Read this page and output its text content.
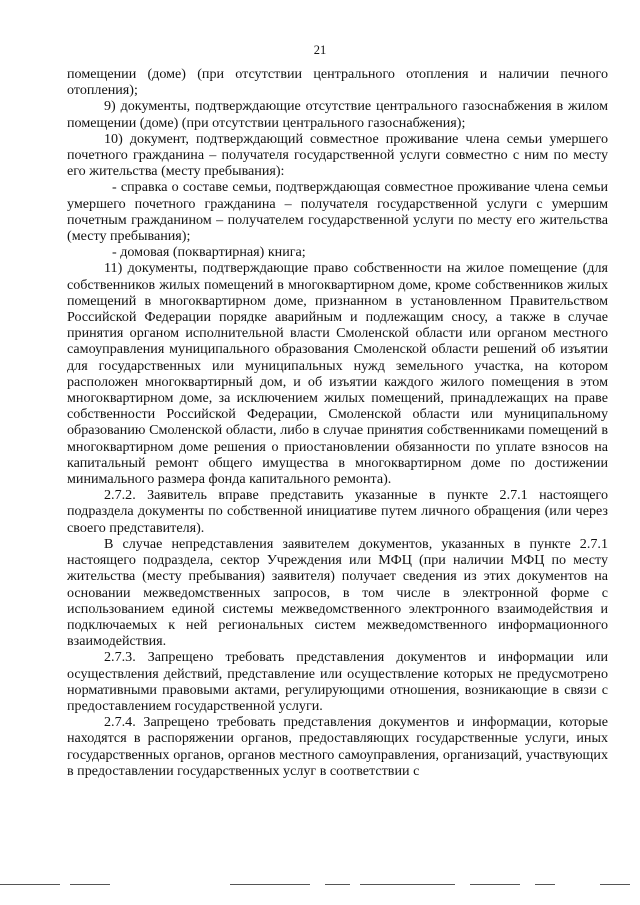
21

помещении (доме) (при отсутствии центрального отопления и наличии печного отопления);

9) документы, подтверждающие отсутствие центрального газоснабжения в жилом помещении (доме) (при отсутствии центрального газоснабжения);

10) документ, подтверждающий совместное проживание члена семьи умершего почетного гражданина – получателя государственной услуги совместно с ним по месту его жительства (месту пребывания):

- справка о составе семьи, подтверждающая совместное проживание члена семьи умершего почетного гражданина – получателя государственной услуги с умершим почетным гражданином – получателем государственной услуги по месту его жительства (месту пребывания);

- домовая (поквартирная) книга;

11) документы, подтверждающие право собственности на жилое помещение (для собственников жилых помещений в многоквартирном доме, кроме собственников жилых помещений в многоквартирном доме, признанном в установленном Правительством Российской Федерации порядке аварийным и подлежащим сносу, а также в случае принятия органом исполнительной власти Смоленской области или органом местного самоуправления муниципального образования Смоленской области решений об изъятии для государственных или муниципальных нужд земельного участка, на котором расположен многоквартирный дом, и об изъятии каждого жилого помещения в этом многоквартирном доме, за исключением жилых помещений, принадлежащих на праве собственности Российской Федерации, Смоленской области или муниципальному образованию Смоленской области, либо в случае принятия собственниками помещений в многоквартирном доме решения о приостановлении обязанности по уплате взносов на капитальный ремонт общего имущества в многоквартирном доме по достижении минимального размера фонда капитального ремонта).

2.7.2. Заявитель вправе представить указанные в пункте 2.7.1 настоящего подраздела документы по собственной инициативе путем личного обращения (или через своего представителя).

В случае непредставления заявителем документов, указанных в пункте 2.7.1 настоящего подраздела, сектор Учреждения или МФЦ (при наличии МФЦ по месту жительства (месту пребывания) заявителя) получает сведения из этих документов на основании межведомственных запросов, в том числе в электронной форме с использованием единой системы межведомственного электронного взаимодействия и подключаемых к ней региональных систем межведомственного информационного взаимодействия.

2.7.3. Запрещено требовать представления документов и информации или осуществления действий, представление или осуществление которых не предусмотрено нормативными правовыми актами, регулирующими отношения, возникающие в связи с предоставлением государственной услуги.

2.7.4. Запрещено требовать представления документов и информации, которые находятся в распоряжении органов, предоставляющих государственные услуги, иных государственных органов, органов местного самоуправления, организаций, участвующих в предоставлении государственных услуг в соответствии с
